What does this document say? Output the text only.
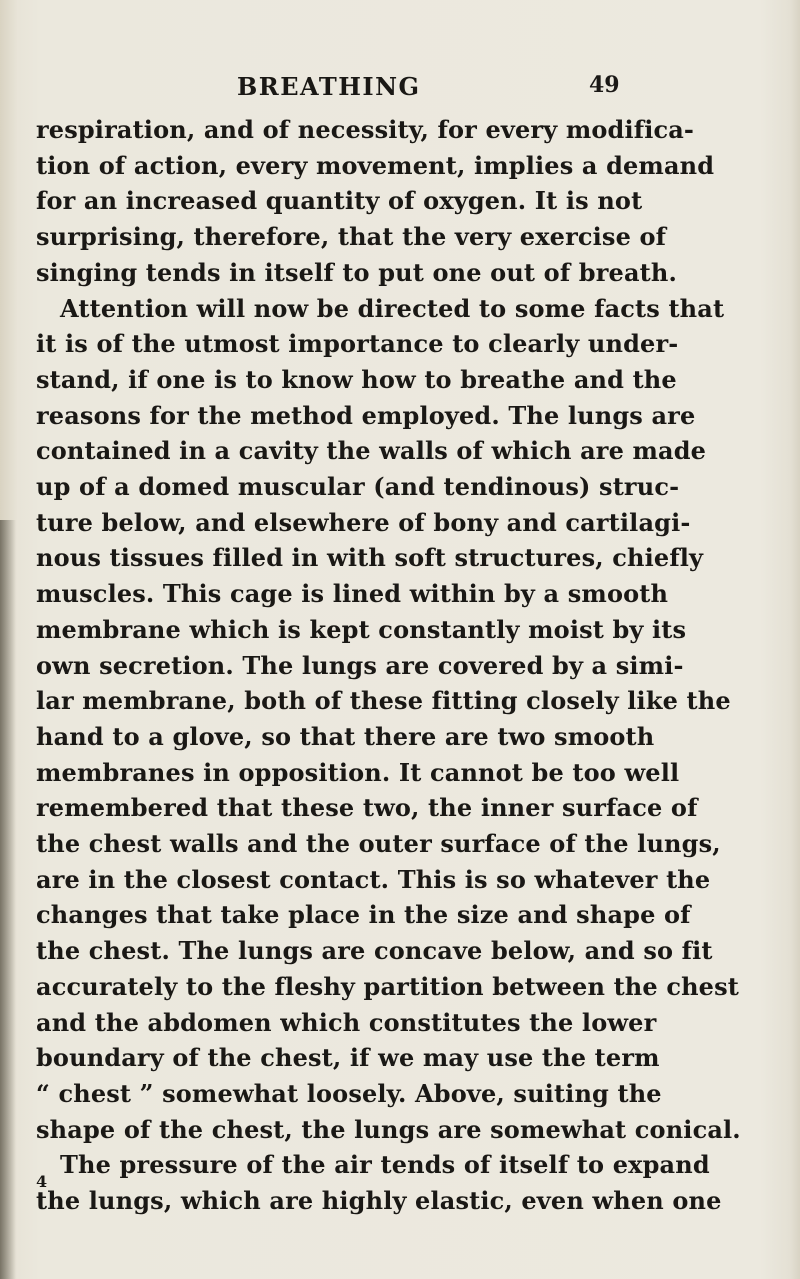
BREATHING	49
respiration, and of necessity, for every modifica-
tion of action, every movement, implies a demand
for an increased quantity of oxygen. It is not
surprising, therefore, that the very exercise of
singing tends in itself to put one out of breath.
Attention will now be directed to some facts that
it is of the utmost importance to clearly under-
stand, if one is to know how to breathe and the
reasons for the method employed. The lungs are
contained in a cavity the walls of which are made
up of a domed muscular (and tendinous) struc-
ture below, and elsewhere of bony and cartilagi-
nous tissues filled in with soft structures, chiefly
muscles. This cage is lined within by a smooth
membrane which is kept constantly moist by its
own secretion. The lungs are covered by a simi-
lar membrane, both of these fitting closely like the
hand to a glove, so that there are two smooth
membranes in opposition. It cannot be too well
remembered that these two, the inner surface of
the chest walls and the outer surface of the lungs,
are in the closest contact. This is so whatever the
changes that take place in the size and shape of
the chest. The lungs are concave below, and so fit
accurately to the fleshy partition between the chest
and the abdomen which constitutes the lower
boundary of the chest, if we may use the term
“ chest ” somewhat loosely. Above, suiting the
shape of the chest, the lungs are somewhat conical.
The pressure of the air tends of itself to expand
the lungs, which are highly elastic, even when one
4
